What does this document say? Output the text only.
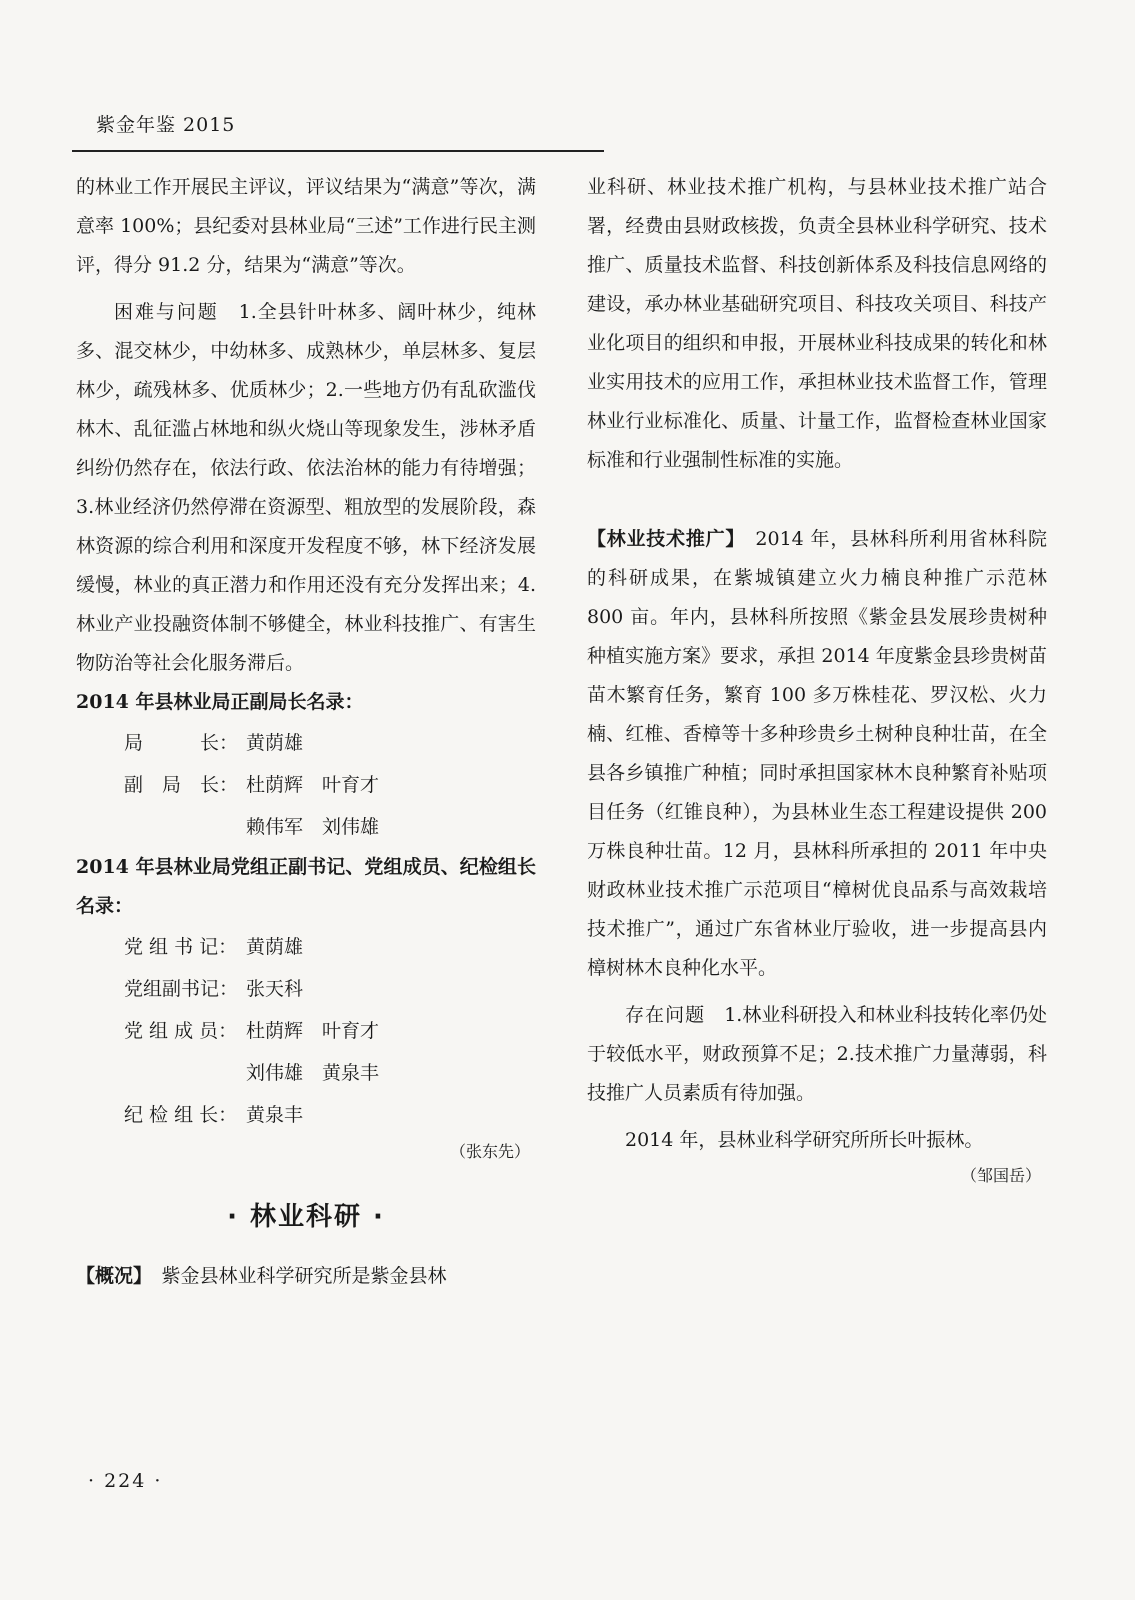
紫金年鉴 2015

的林业工作开展民主评议，评议结果为“满意”等次，满意率 100%；县纪委对县林业局“三述”工作进行民主测评，得分 91.2 分，结果为“满意”等次。

困难与问题　 1.全县针叶林多、阔叶林少，纯林多、混交林少，中幼林多、成熟林少，单层林多、复层林少，疏残林多、优质林少；2.一些地方仍有乱砍滥伐林木、乱征滥占林地和纵火烧山等现象发生，涉林矛盾纠纷仍然存在，依法行政、依法治林的能力有待增强；3.林业经济仍然停滞在资源型、粗放型的发展阶段，森林资源的综合利用和深度开发程度不够，林下经济发展缓慢，林业的真正潜力和作用还没有充分发挥出来；4.林业产业投融资体制不够健全，林业科技推广、有害生物防治等社会化服务滞后。

2014 年县林业局正副局长名录：

局　　　长： 黄荫雄
副　局　长： 杜荫辉　叶育才
赖伟军　刘伟雄

2014 年县林业局党组正副书记、党组成员、纪检组长名录：

党 组 书 记： 黄荫雄
党组副书记： 张天科
党 组 成 员： 杜荫辉　叶育才
刘伟雄　黄泉丰
纪 检 组 长： 黄泉丰
（张东先）
· 林业科研 ·

【概况】　 紫金县林业科学研究所是紫金县林

业科研、林业技术推广机构，与县林业技术推广站合署，经费由县财政核拨，负责全县林业科学研究、技术推广、质量技术监督、科技创新体系及科技信息网络的建设，承办林业基础研究项目、科技攻关项目、科技产业化项目的组织和申报，开展林业科技成果的转化和林业实用技术的应用工作，承担林业技术监督工作，管理林业行业标准化、质量、计量工作，监督检查林业国家标准和行业强制性标准的实施。

【林业技术推广】　 2014 年，县林科所利用省林科院的科研成果，在紫城镇建立火力楠良种推广示范林 800 亩。年内，县林科所按照《紫金县发展珍贵树种种植实施方案》要求，承担 2014 年度紫金县珍贵树苗苗木繁育任务，繁育 100 多万株桂花、罗汉松、火力楠、红椎、香樟等十多种珍贵乡土树种良种壮苗，在全县各乡镇推广种植；同时承担国家林木良种繁育补贴项目任务（红锥良种），为县林业生态工程建设提供 200 万株良种壮苗。12 月，县林科所承担的 2011 年中央财政林业技术推广示范项目“樟树优良品系与高效栽培技术推广”，通过广东省林业厅验收，进一步提高县内樟树林木良种化水平。

存在问题　 1.林业科研投入和林业科技转化率仍处于较低水平，财政预算不足；2.技术推广力量薄弱，科技推广人员素质有待加强。

2014 年，县林业科学研究所所长叶振林。

（邹国岳）
· 224 ·
